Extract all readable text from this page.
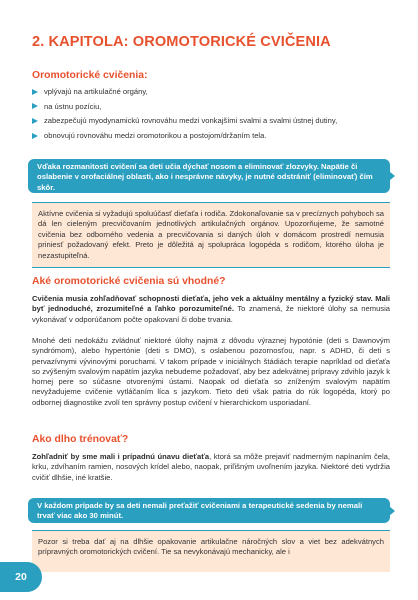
2. KAPITOLA: OROMOTORICKÉ CVIČENIA
Oromotorické cvičenia:
vplývajú na artikulačné orgány,
na ústnu pozíciu,
zabezpečujú myodynamickú rovnováhu medzi vonkajšími svalmi a svalmi ústnej dutiny,
obnovujú rovnováhu medzi oromotorikou a postojom/držaním tela.
Vďaka rozmanitosti cvičení sa deti učia dýchať nosom a eliminovať zlozvyky. Napätie či oslabenie v orofaciálnej oblasti, ako i nesprávne návyky, je nutné odstrániť (eliminovať) čím skôr.
Aktívne cvičenia si vyžadujú spoluúčasť dieťaťa i rodiča. Zdokonaľovanie sa v precíznych pohyboch sa dá len cieleným precvičovaním jednotlivých artikulačných orgánov. Upozorňujeme, že samotné cvičenia bez odborného vedenia a precvičovania si daných úloh v domácom prostredí nemusia priniesť požadovaný efekt. Preto je dôležitá aj spolupráca logopéda s rodičom, ktorého úloha je nezastupiteľná.
Aké oromotorické cvičenia sú vhodné?
Cvičenia musia zohľadňovať schopnosti dieťaťa, jeho vek a aktuálny mentálny a fyzický stav. Mali byť jednoduché, zrozumiteľné a ľahko porozumiteľné. To znamená, že niektoré úlohy sa nemusia vykonávať v odporúčanom počte opakovaní či dobe trvania.
Mnohé deti nedokážu zvládnuť niektoré úlohy najmä z dôvodu výraznej hypotónie (deti s Dawnovým syndrómom), alebo hypertónie (deti s DMO), s oslabenou pozornosťou, napr. s ADHD, či deti s pervazívnymi vývinovými poruchami. V takom prípade v iniciálnych štádiách terapie napríklad od dieťaťa so zvýšeným svalovým napätím jazyka nebudeme požadovať, aby bez adekvátnej prípravy zdvihlo jazyk k hornej pere so súčasne otvorenými ústami. Naopak od dieťaťa so zníženým svalovým napätím nevyžadujeme cvičenie vytláčaním líca s jazykom. Tieto deti však patria do rúk logopéda, ktorý po odbornej diagnostike zvolí ten správny postup cvičení v hierarchickom usporiadaní.
Ako dlho trénovať?
Zohľadniť by sme mali i prípadnú únavu dieťaťa, ktorá sa môže prejaviť nadmerným napínaním čela, krku, zdvíhaním ramien, nosových krídel alebo, naopak, priľišným uvoľnením jazyka. Niektoré deti vydržia cvičiť dlhšie, iné kratšie.
V každom prípade by sa deti nemali preťažiť cvičeniami a terapeutické sedenia by nemali trvať viac ako 30 minút.
Pozor si treba dať aj na dlhšie opakovanie artikulačne náročných slov a viet bez adekvátnych prípravných oromotorických cvičení. Tie sa nevykonávajú mechanicky, ale i
20
